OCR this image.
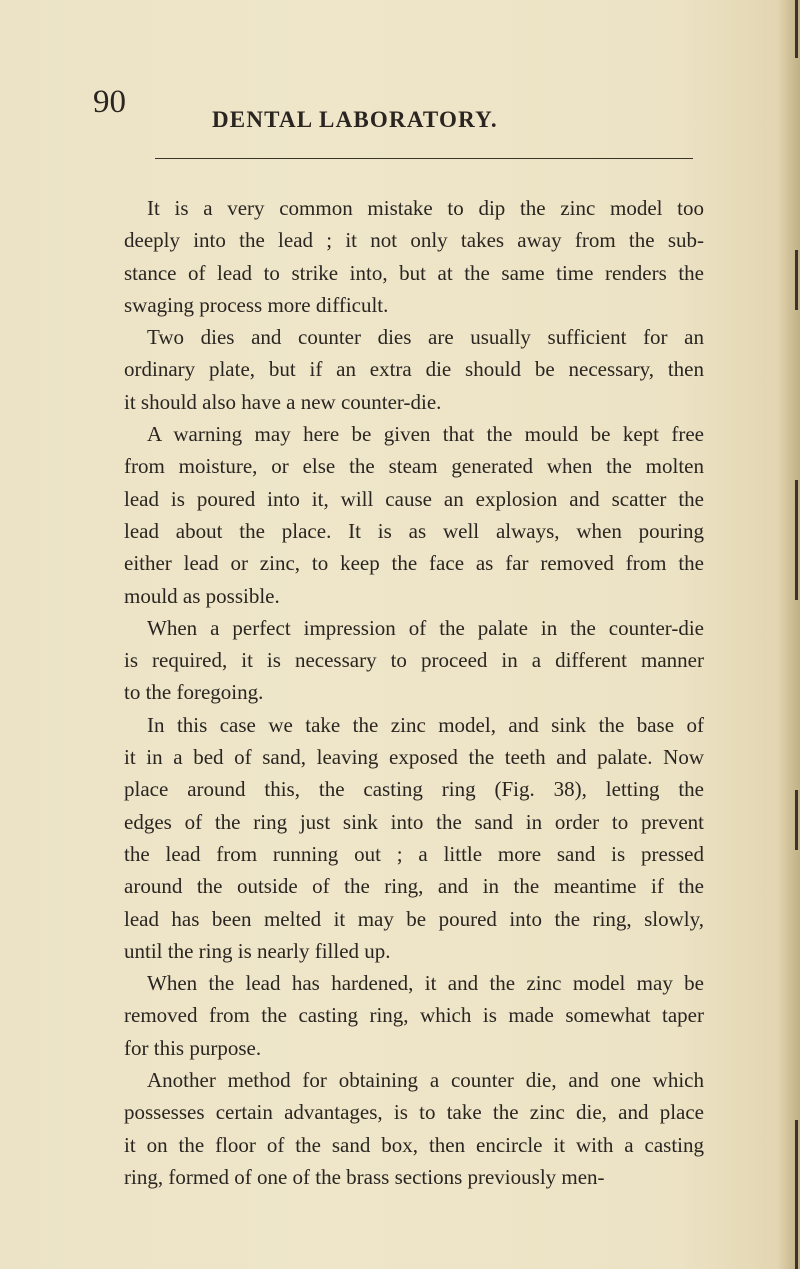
90	DENTAL LABORATORY.
It is a very common mistake to dip the zinc model too
deeply into the lead ; it not only takes away from the sub-
stance of lead to strike into, but at the same time renders the
swaging process more difficult.
Two dies and counter dies are usually sufficient for an
ordinary plate, but if an extra die should be necessary, then
it should also have a new counter-die.
A warning may here be given that the mould be kept free
from moisture, or else the steam generated when the molten
lead is poured into it, will cause an explosion and scatter the
lead about the place. It is as well always, when pouring
either lead or zinc, to keep the face as far removed from the
mould as possible.
When a perfect impression of the palate in the counter-die
is required, it is necessary to proceed in a different manner
to the foregoing.
In this case we take the zinc model, and sink the base of
it in a bed of sand, leaving exposed the teeth and palate. Now
place around this, the casting ring (Fig. 38), letting the
edges of the ring just sink into the sand in order to prevent
the lead from running out ; a little more sand is pressed
around the outside of the ring, and in the meantime if the
lead has been melted it may be poured into the ring, slowly,
until the ring is nearly filled up.
When the lead has hardened, it and the zinc model may be
removed from the casting ring, which is made somewhat taper
for this purpose.
Another method for obtaining a counter die, and one which
possesses certain advantages, is to take the zinc die, and place
it on the floor of the sand box, then encircle it with a casting
ring, formed of one of the brass sections previously men-
